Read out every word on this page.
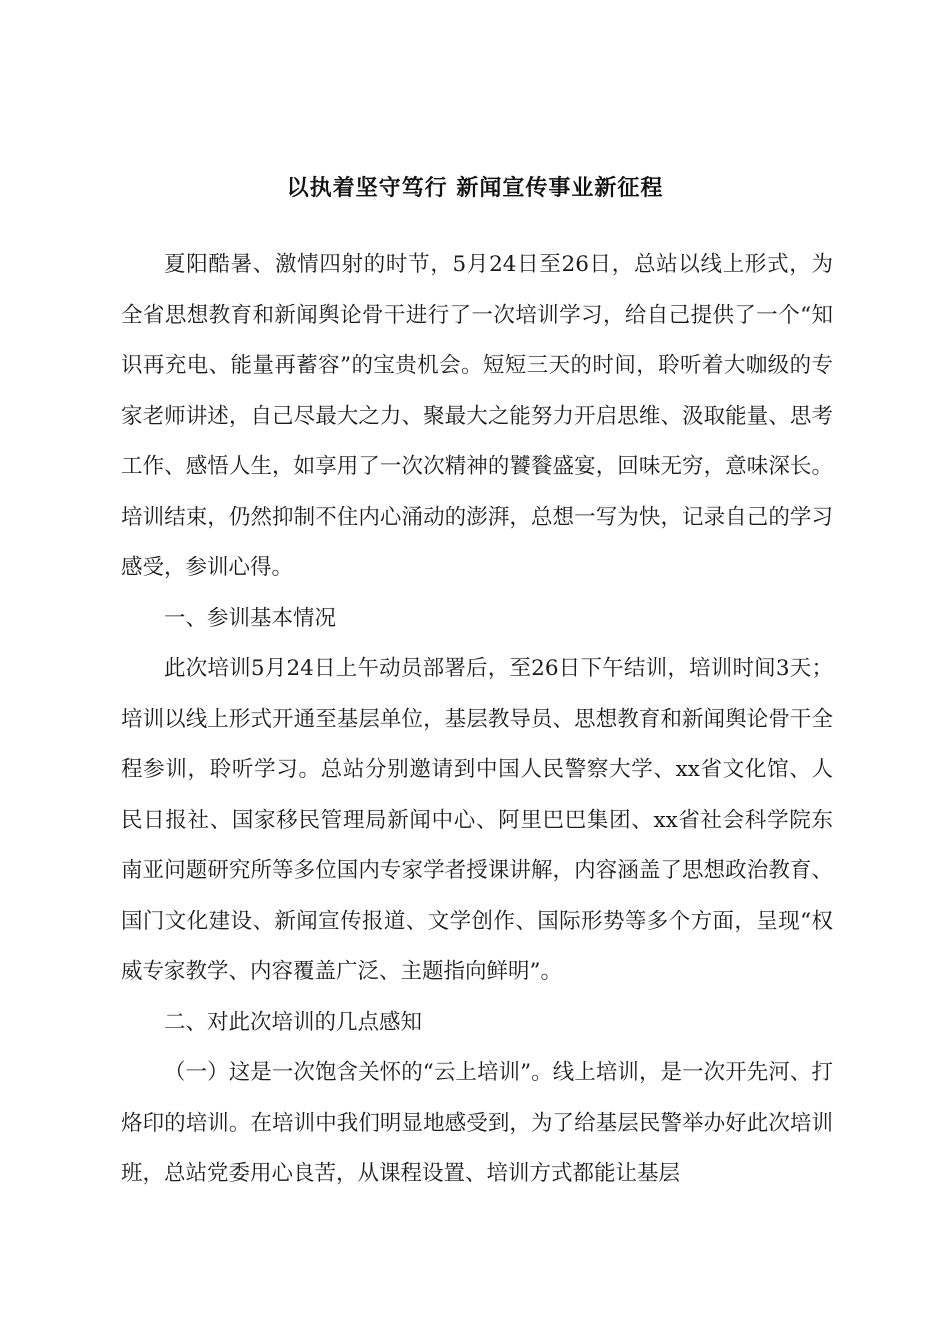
以执着坚守笃行 新闻宣传事业新征程

夏阳酷暑、激情四射的时节，5月24日至26日，总站以线上形式，为全省思想教育和新闻舆论骨干进行了一次培训学习，给自己提供了一个“知识再充电、能量再蓄容”的宝贵机会。短短三天的时间，聆听着大咖级的专家老师讲述，自己尽最大之力、聚最大之能努力开启思维、汲取能量、思考工作、感悟人生，如享用了一次次精神的饕餮盛宴，回味无穷，意味深长。培训结束，仍然抑制不住内心涌动的澎湃，总想一写为快，记录自己的学习感受，参训心得。

一、参训基本情况

此次培训5月24日上午动员部署后，至26日下午结训，培训时间3天；培训以线上形式开通至基层单位，基层教导员、思想教育和新闻舆论骨干全程参训，聆听学习。总站分别邀请到中国人民警察大学、xx省文化馆、人民日报社、国家移民管理局新闻中心、阿里巴巴集团、xx省社会科学院东南亚问题研究所等多位国内专家学者授课讲解，内容涵盖了思想政治教育、国门文化建设、新闻宣传报道、文学创作、国际形势等多个方面，呈现“权威专家教学、内容覆盖广泛、主题指向鲜明”。

二、对此次培训的几点感知

（一）这是一次饱含关怀的“云上培训”。线上培训，是一次开先河、打烙印的培训。在培训中我们明显地感受到，为了给基层民警举办好此次培训班，总站党委用心良苦，从课程设置、培训方式都能让基层
